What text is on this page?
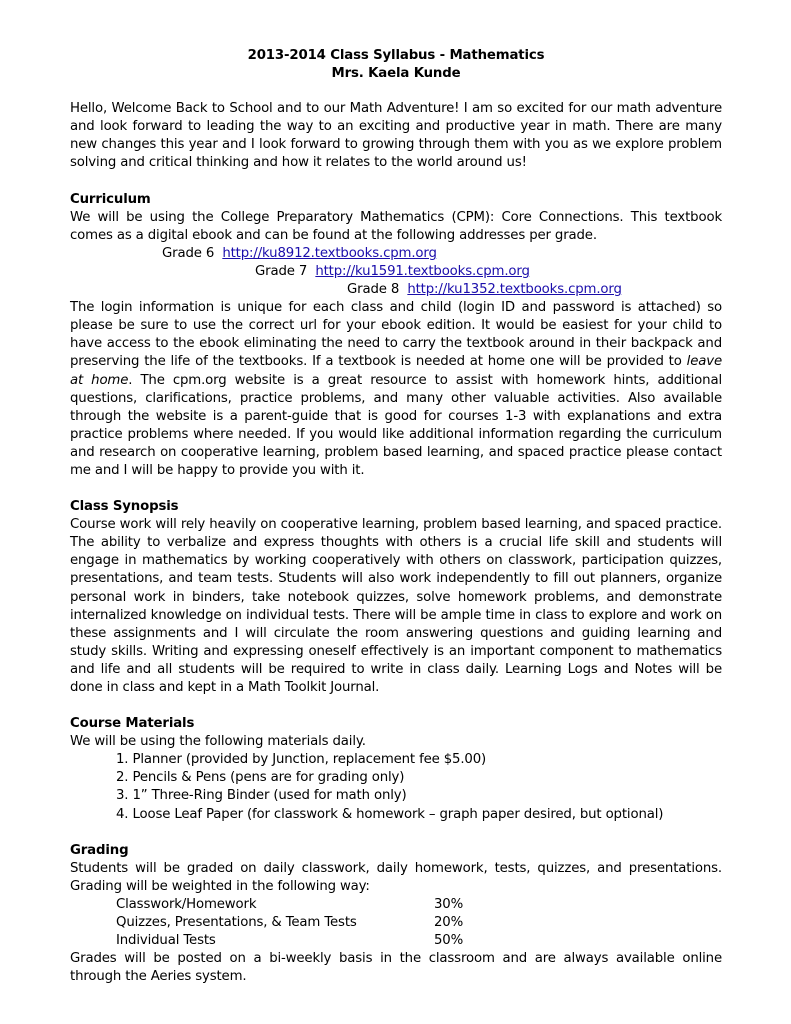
2013-2014 Class Syllabus - Mathematics

Mrs. Kaela Kunde

Hello, Welcome Back to School and to our Math Adventure! I am so excited for our math adventure and look forward to leading the way to an exciting and productive year in math. There are many new changes this year and I look forward to growing through them with you as we explore problem solving and critical thinking and how it relates to the world around us!

Curriculum

We will be using the College Preparatory Mathematics (CPM): Core Connections. This textbook comes as a digital ebook and can be found at the following addresses per grade.

Grade 6 http://ku8912.textbooks.cpm.org
Grade 7 http://ku1591.textbooks.cpm.org
Grade 8 http://ku1352.textbooks.cpm.org

The login information is unique for each class and child (login ID and password is attached) so please be sure to use the correct url for your ebook edition. It would be easiest for your child to have access to the ebook eliminating the need to carry the textbook around in their backpack and preserving the life of the textbooks. If a textbook is needed at home one will be provided to leave at home. The cpm.org website is a great resource to assist with homework hints, additional questions, clarifications, practice problems, and many other valuable activities. Also available through the website is a parent-guide that is good for courses 1-3 with explanations and extra practice problems where needed. If you would like additional information regarding the curriculum and research on cooperative learning, problem based learning, and spaced practice please contact me and I will be happy to provide you with it.

Class Synopsis

Course work will rely heavily on cooperative learning, problem based learning, and spaced practice. The ability to verbalize and express thoughts with others is a crucial life skill and students will engage in mathematics by working cooperatively with others on classwork, participation quizzes, presentations, and team tests. Students will also work independently to fill out planners, organize personal work in binders, take notebook quizzes, solve homework problems, and demonstrate internalized knowledge on individual tests. There will be ample time in class to explore and work on these assignments and I will circulate the room answering questions and guiding learning and study skills. Writing and expressing oneself effectively is an important component to mathematics and life and all students will be required to write in class daily. Learning Logs and Notes will be done in class and kept in a Math Toolkit Journal.

Course Materials

We will be using the following materials daily.

1. Planner (provided by Junction, replacement fee $5.00)
2. Pencils & Pens (pens are for grading only)
3. 1” Three-Ring Binder (used for math only)
4. Loose Leaf Paper (for classwork & homework – graph paper desired, but optional)
Grading

Students will be graded on daily classwork, daily homework, tests, quizzes, and presentations. Grading will be weighted in the following way:

Classwork/Homework	30%
Quizzes, Presentations, & Team Tests	20%
Individual Tests	50%

Grades will be posted on a bi-weekly basis in the classroom and are always available online through the Aeries system.
